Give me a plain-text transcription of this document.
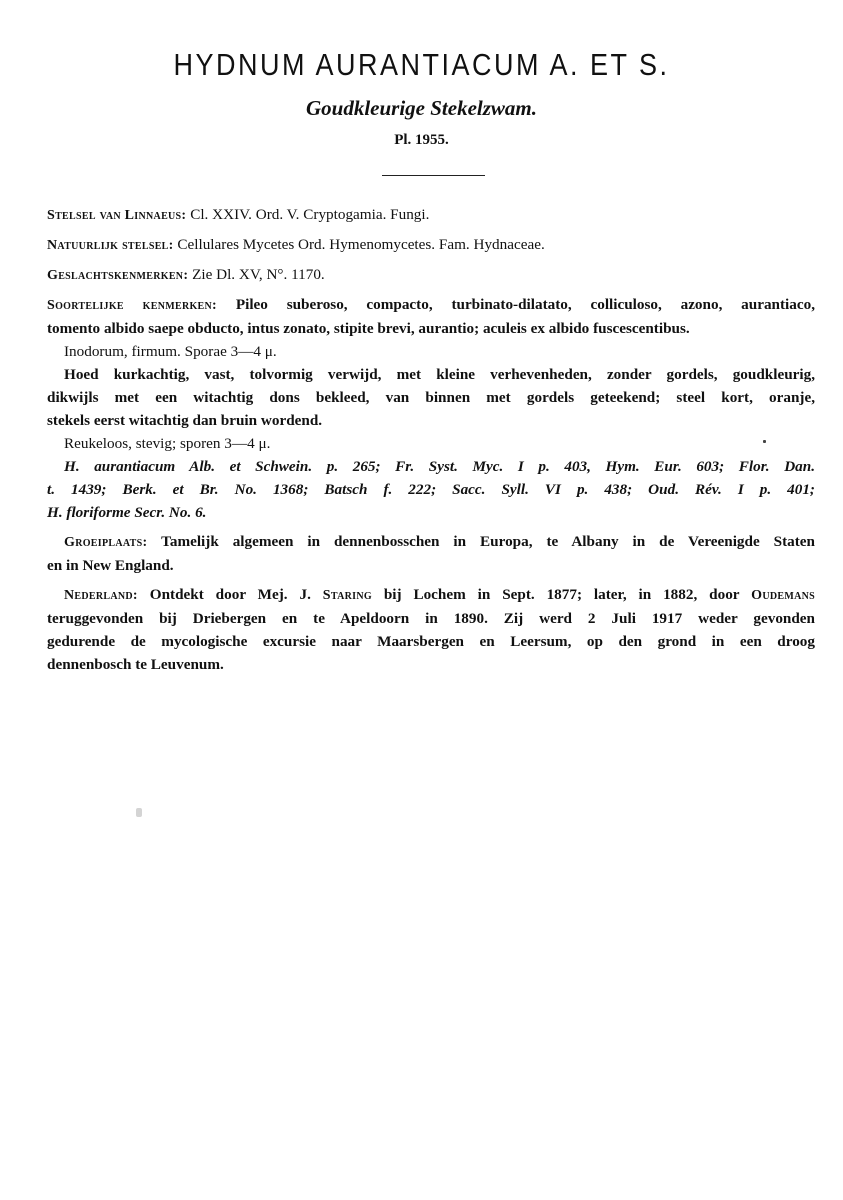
HYDNUM AURANTIACUM A. ET S.
Goudkleurige Stekelzwam.
Pl. 1955.
Stelsel van Linnaeus: Cl. XXIV. Ord. V. Cryptogamia. Fungi.
Natuurlijk stelsel: Cellulares Mycetes Ord. Hymenomycetes. Fam. Hydnaceae.
Geslachtskenmerken: Zie Dl. XV, N°. 1170.
Soortelijke kenmerken: Pileo suberoso, compacto, turbinato-dilatato, colliculoso, azono, aurantiaco,
tomento albido saepe obducto, intus zonato, stipite brevi, aurantio; aculeis ex albido fuscescentibus.
Inodorum, firmum. Sporae 3—4 μ.
Hoed kurkachtig, vast, tolvormig verwijd, met kleine verhevenheden, zonder gordels, goudkleurig,
dikwijls met een witachtig dons bekleed, van binnen met gordels geteekend; steel kort, oranje,
stekels eerst witachtig dan bruin wordend.
Reukeloos, stevig; sporen 3—4 μ.
H. aurantiacum Alb. et Schwein. p. 265; Fr. Syst. Myc. I p. 403, Hym. Eur. 603; Flor. Dan.
t. 1439; Berk. et Br. No. 1368; Batsch f. 222; Sacc. Syll. VI p. 438; Oud. Rév. I p. 401;
H. floriforme Secr. No. 6.
Groeiplaats: Tamelijk algemeen in dennenbosschen in Europa, te Albany in de Vereenigde Staten
en in New England.
Nederland: Ontdekt door Mej. J. Staring bij Lochem in Sept. 1877; later, in 1882, door Oudemans
teruggevonden bij Driebergen en te Apeldoorn in 1890. Zij werd 2 Juli 1917 weder gevonden
gedurende de mycologische excursie naar Maarsbergen en Leersum, op den grond in een droog
dennenbosch te Leuvenum.
